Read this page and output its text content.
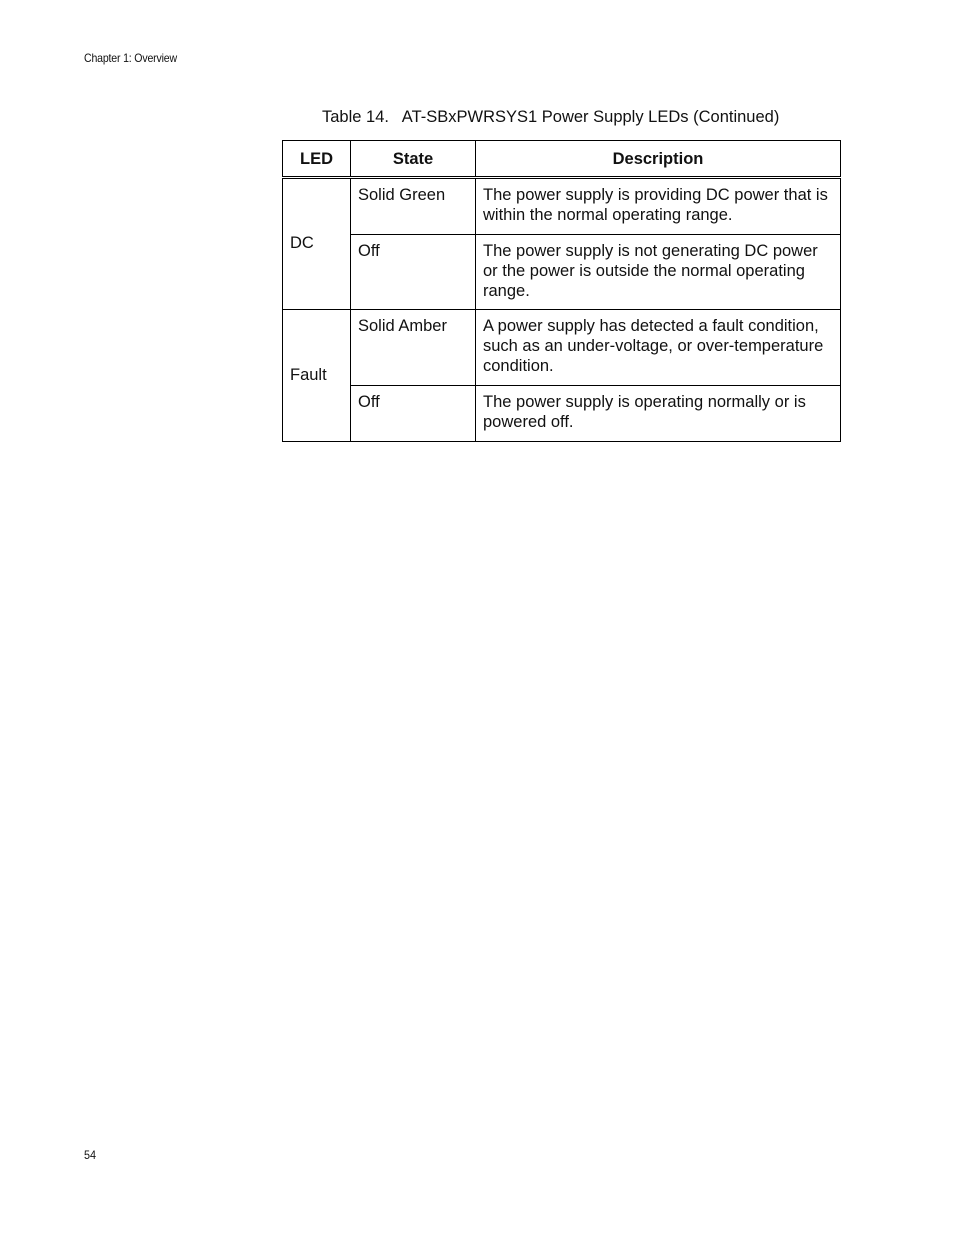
Chapter 1: Overview
Table 14.   AT-SBxPWRSYS1 Power Supply LEDs (Continued)
LED	State	Description
DC	Solid Green	The power supply is providing DC power that is within the normal operating range.
	Off	The power supply is not generating DC power or the power is outside the normal operating range.
Fault	Solid Amber	A power supply has detected a fault condition, such as an under-voltage, or over-temperature condition.
	Off	The power supply is operating normally or is powered off.
54
